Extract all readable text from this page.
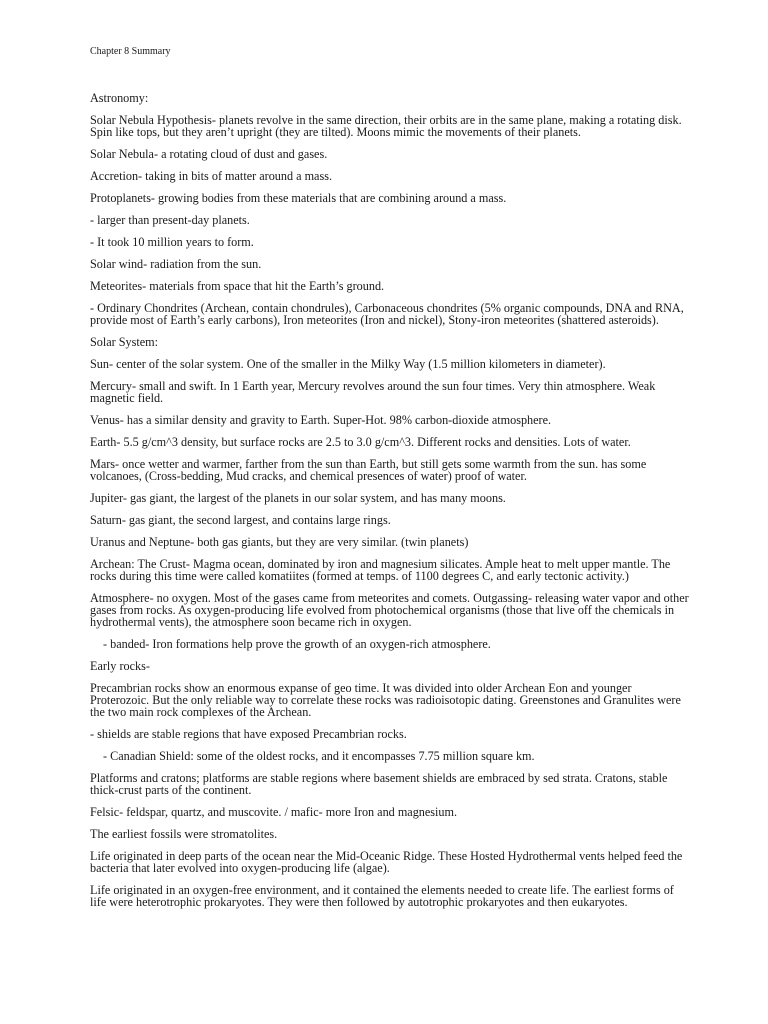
Chapter 8 Summary

Astronomy:

Solar Nebula Hypothesis- planets revolve in the same direction, their orbits are in the same plane, making a rotating disk. Spin like tops, but they aren’t upright (they are tilted). Moons mimic the movements of their planets.

Solar Nebula- a rotating cloud of dust and gases.

Accretion- taking in bits of matter around a mass.

Protoplanets- growing bodies from these materials that are combining around a mass.

- larger than present-day planets.

- It took 10 million years to form.

Solar wind- radiation from the sun.

Meteorites- materials from space that hit the Earth’s ground.

- Ordinary Chondrites (Archean, contain chondrules), Carbonaceous chondrites (5% organic compounds, DNA and RNA, provide most of Earth’s early carbons), Iron meteorites (Iron and nickel), Stony-iron meteorites (shattered asteroids).

Solar System:

Sun- center of the solar system. One of the smaller in the Milky Way (1.5 million kilometers in diameter).

Mercury- small and swift. In 1 Earth year, Mercury revolves around the sun four times. Very thin atmosphere. Weak magnetic field.

Venus- has a similar density and gravity to Earth. Super-Hot. 98% carbon-dioxide atmosphere.

Earth- 5.5 g/cm^3 density, but surface rocks are 2.5 to 3.0 g/cm^3. Different rocks and densities. Lots of water.

Mars- once wetter and warmer, farther from the sun than Earth, but still gets some warmth from the sun. has some volcanoes, (Cross-bedding, Mud cracks, and chemical presences of water) proof of water.

Jupiter- gas giant, the largest of the planets in our solar system, and has many moons.

Saturn- gas giant, the second largest, and contains large rings.

Uranus and Neptune- both gas giants, but they are very similar. (twin planets)

Archean: The Crust- Magma ocean, dominated by iron and magnesium silicates. Ample heat to melt upper mantle. The rocks during this time were called komatiites (formed at temps. of 1100 degrees C, and early tectonic activity.)

Atmosphere- no oxygen. Most of the gases came from meteorites and comets. Outgassing- releasing water vapor and other gases from rocks. As oxygen-producing life evolved from photochemical organisms (those that live off the chemicals in hydrothermal vents), the atmosphere soon became rich in oxygen.

- banded- Iron formations help prove the growth of an oxygen-rich atmosphere.

Early rocks-

Precambrian rocks show an enormous expanse of geo time. It was divided into older Archean Eon and younger Proterozoic. But the only reliable way to correlate these rocks was radioisotopic dating. Greenstones and Granulites were the two main rock complexes of the Archean.

- shields are stable regions that have exposed Precambrian rocks.

- Canadian Shield: some of the oldest rocks, and it encompasses 7.75 million square km.

Platforms and cratons; platforms are stable regions where basement shields are embraced by sed strata. Cratons, stable thick-crust parts of the continent.

Felsic- feldspar, quartz, and muscovite. / mafic- more Iron and magnesium.

The earliest fossils were stromatolites.

Life originated in deep parts of the ocean near the Mid-Oceanic Ridge. These Hosted Hydrothermal vents helped feed the bacteria that later evolved into oxygen-producing life (algae).

Life originated in an oxygen-free environment, and it contained the elements needed to create life. The earliest forms of life were heterotrophic prokaryotes. They were then followed by autotrophic prokaryotes and then eukaryotes.
